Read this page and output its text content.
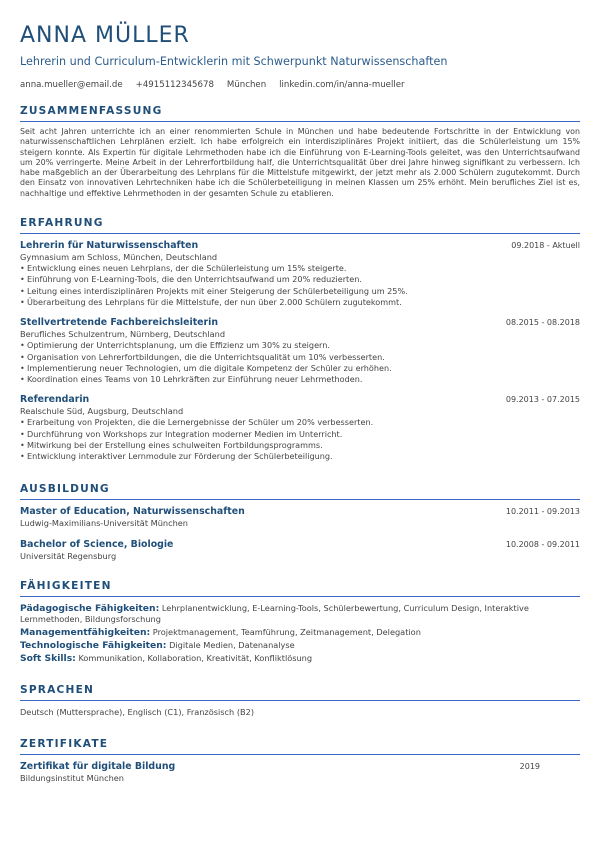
ANNA MÜLLER
Lehrerin und Curriculum-Entwicklerin mit Schwerpunkt Naturwissenschaften
anna.mueller@email.de +4915112345678 München linkedin.com/in/anna-mueller
ZUSAMMENFASSUNG
Seit acht Jahren unterrichte ich an einer renommierten Schule in München und habe bedeutende Fortschritte in der Entwicklung von naturwissenschaftlichen Lehrplänen erzielt. Ich habe erfolgreich ein interdisziplinäres Projekt initiiert, das die Schülerleistung um 15% steigern konnte. Als Expertin für digitale Lehrmethoden habe ich die Einführung von E-Learning-Tools geleitet, was den Unterrichtsaufwand um 20% verringerte. Meine Arbeit in der Lehrerfortbildung half, die Unterrichtsqualität über drei Jahre hinweg signifikant zu verbessern. Ich habe maßgeblich an der Überarbeitung des Lehrplans für die Mittelstufe mitgewirkt, der jetzt mehr als 2.000 Schülern zugutekommt. Durch den Einsatz von innovativen Lehrtechniken habe ich die Schülerbeteiligung in meinen Klassen um 25% erhöht. Mein berufliches Ziel ist es, nachhaltige und effektive Lehrmethoden in der gesamten Schule zu etablieren.
ERFAHRUNG
Lehrerin für Naturwissenschaften	09.2018 - Aktuell
Gymnasium am Schloss, München, Deutschland
• Entwicklung eines neuen Lehrplans, der die Schülerleistung um 15% steigerte.
• Einführung von E-Learning-Tools, die den Unterrichtsaufwand um 20% reduzierten.
• Leitung eines interdisziplinären Projekts mit einer Steigerung der Schülerbeteiligung um 25%.
• Überarbeitung des Lehrplans für die Mittelstufe, der nun über 2.000 Schülern zugutekommt.
Stellvertretende Fachbereichsleiterin	08.2015 - 08.2018
Berufliches Schulzentrum, Nürnberg, Deutschland
• Optimierung der Unterrichtsplanung, um die Effizienz um 30% zu steigern.
• Organisation von Lehrerfortbildungen, die die Unterrichtsqualität um 10% verbesserten.
• Implementierung neuer Technologien, um die digitale Kompetenz der Schüler zu erhöhen.
• Koordination eines Teams von 10 Lehrkräften zur Einführung neuer Lehrmethoden.
Referendarin	09.2013 - 07.2015
Realschule Süd, Augsburg, Deutschland
• Erarbeitung von Projekten, die die Lernergebnisse der Schüler um 20% verbesserten.
• Durchführung von Workshops zur Integration moderner Medien im Unterricht.
• Mitwirkung bei der Erstellung eines schulweiten Fortbildungsprogramms.
• Entwicklung interaktiver Lernmodule zur Förderung der Schülerbeteiligung.
AUSBILDUNG
Master of Education, Naturwissenschaften	10.2011 - 09.2013
Ludwig-Maximilians-Universität München
Bachelor of Science, Biologie	10.2008 - 09.2011
Universität Regensburg
FÄHIGKEITEN
Pädagogische Fähigkeiten: Lehrplanentwicklung, E-Learning-Tools, Schülerbewertung, Curriculum Design, Interaktive Lernmethoden, Bildungsforschung
Managementfähigkeiten: Projektmanagement, Teamführung, Zeitmanagement, Delegation
Technologische Fähigkeiten: Digitale Medien, Datenanalyse
Soft Skills: Kommunikation, Kollaboration, Kreativität, Konfliktlösung
SPRACHEN
Deutsch (Muttersprache), Englisch (C1), Französisch (B2)
ZERTIFIKATE
Zertifikat für digitale Bildung	2019
Bildungsinstitut München
